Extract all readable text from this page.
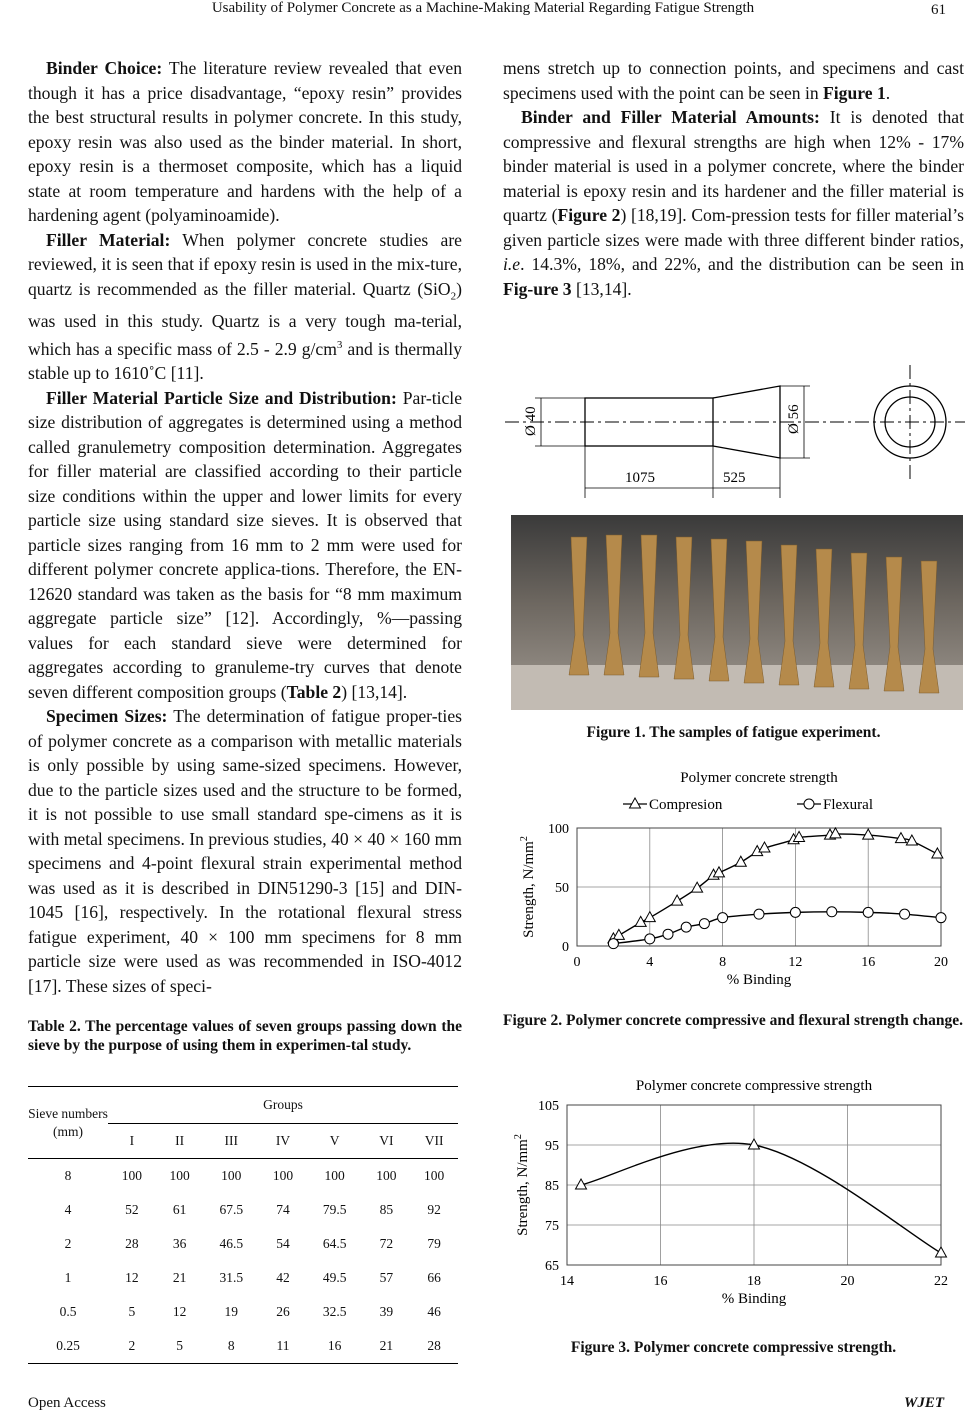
Usability of Polymer Concrete as a Machine-Making Material Regarding Fatigue Strength	61

Binder Choice: The literature review revealed that even though it has a price disadvantage, “epoxy resin” provides the best structural results in polymer concrete. In this study, epoxy resin was also used as the binder material. In short, epoxy resin is a thermoset composite, which has a liquid state at room temperature and hardens with the help of a hardening agent (polyaminoamide).

Filler Material: When polymer concrete studies are reviewed, it is seen that if epoxy resin is used in the mix-ture, quartz is recommended as the filler material. Quartz (SiO$_2$) was used in this study. Quartz is a very tough ma-terial, which has a specific mass of 2.5 - 2.9 $g/cm^3$ and is thermally stable up to 1610˚C [11].

Filler Material Particle Size and Distribution: Par-ticle size distribution of aggregates is determined using a method called granulemetry composition determination. Aggregates for filler material are classified according to their particle size conditions within the upper and lower limits for every particle size using standard size sieves. It is observed that particle sizes ranging from 16 mm to 2 mm were used for different polymer concrete applica-tions. Therefore, the EN-12620 standard was taken as the basis for “8 mm maximum aggregate particle size” [12]. Accordingly, %—passing values for each standard sieve were determined for aggregates according to granuleme-try curves that denote seven different composition groups (Table 2) [13,14].

Specimen Sizes: The determination of fatigue proper-ties of polymer concrete as a comparison with metallic materials is only possible by using same-sized specimens. However, due to the particle sizes used and the structure to be formed, it is not possible to use small standard spe-cimens as it is with metal specimens. In previous studies, 40 × 40 × 160 mm specimens and 4-point flexural strain experimental method was used as it is described in DIN51290-3 [15] and DIN-1045 [16], respectively. In the rotational flexural stress fatigue experiment, 40 × 100 mm specimens for 8 mm particle size were used as was recommended in ISO-4012 [17]. These sizes of speci-

Table 2. The percentage values of seven groups passing down the sieve by the purpose of using them in experimen-tal study.
Sieve numbers
(mm)	Groups						
	I	II	III	IV	V	VI	VII
8	100	100	100	100	100	100	100
4	52	61	67.5	74	79.5	85	92
2	28	36	46.5	54	64.5	72	79
1	12	21	31.5	42	49.5	57	66
0.5	5	12	19	26	32.5	39	46
0.25	2	5	8	11	16	21	28

mens stretch up to connection points, and specimens and cast specimens used with the point can be seen in Figure 1.

Binder and Filler Material Amounts: It is denoted that compressive and flexural strengths are high when 12% - 17% binder material is used in a polymer concrete, where the binder material is epoxy resin and its hardener and the filler material is quartz (Figure 2) [18,19]. Com-pression tests for filler material’s given particle sizes were made with three different binder ratios, i.e. 14.3%, 18%, and 22%, and the distribution can be seen in Fig-ure 3 [13,14].

Ø 40	Ø 56
1075	525
Figure 1. The samples of fatigue experiment.
Polymer concrete strength
0	4	8	12	16	20
0
50
100
% Binding
Strength, $N/mm^2$
Compresion	Flexural
Figure 2. Polymer concrete compressive and flexural strength change.
Polymer concrete compressive strength
14	16	18	20	22
65
75
85
95
105
% Binding
Strength, $N/mm^2$
Figure 3. Polymer concrete compressive strength.
Open Access	WJET
